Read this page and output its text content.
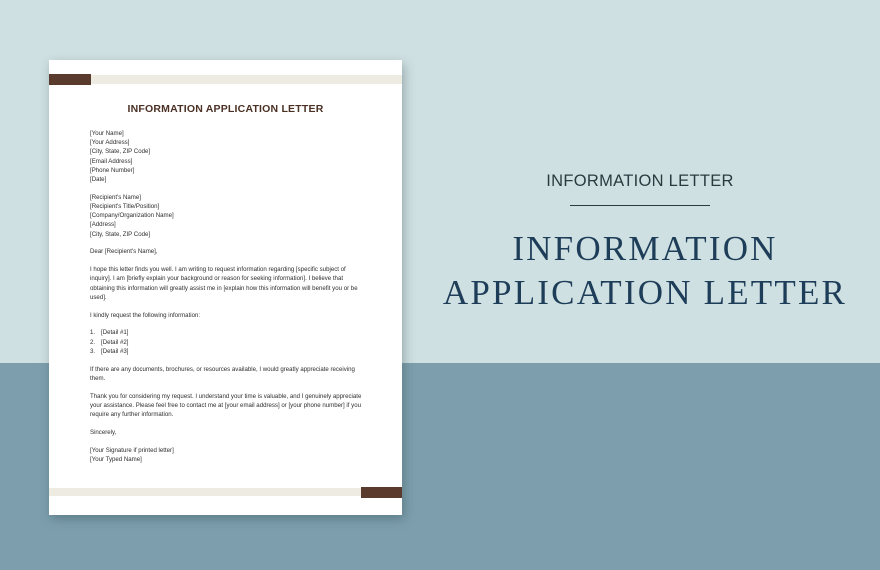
INFORMATION APPLICATION LETTER
[Your Name]
[Your Address]
[City, State, ZIP Code]
[Email Address]
[Phone Number]
[Date]
[Recipient's Name]
[Recipient's Title/Position]
[Company/Organization Name]
[Address]
[City, State, ZIP Code]
Dear [Recipient's Name],
I hope this letter finds you well. I am writing to request information regarding [specific subject of inquiry]. I am [briefly explain your background or reason for seeking information]. I believe that obtaining this information will greatly assist me in [explain how this information will benefit you or be used].
I kindly request the following information:
1. [Detail #1]
2. [Detail #2]
3. [Detail #3]
If there are any documents, brochures, or resources available, I would greatly appreciate receiving them.
Thank you for considering my request. I understand your time is valuable, and I genuinely appreciate your assistance. Please feel free to contact me at [your email address] or [your phone number] if you require any further information.
Sincerely,
[Your Signature if printed letter]
[Your Typed Name]
INFORMATION LETTER
INFORMATION
APPLICATION LETTER
